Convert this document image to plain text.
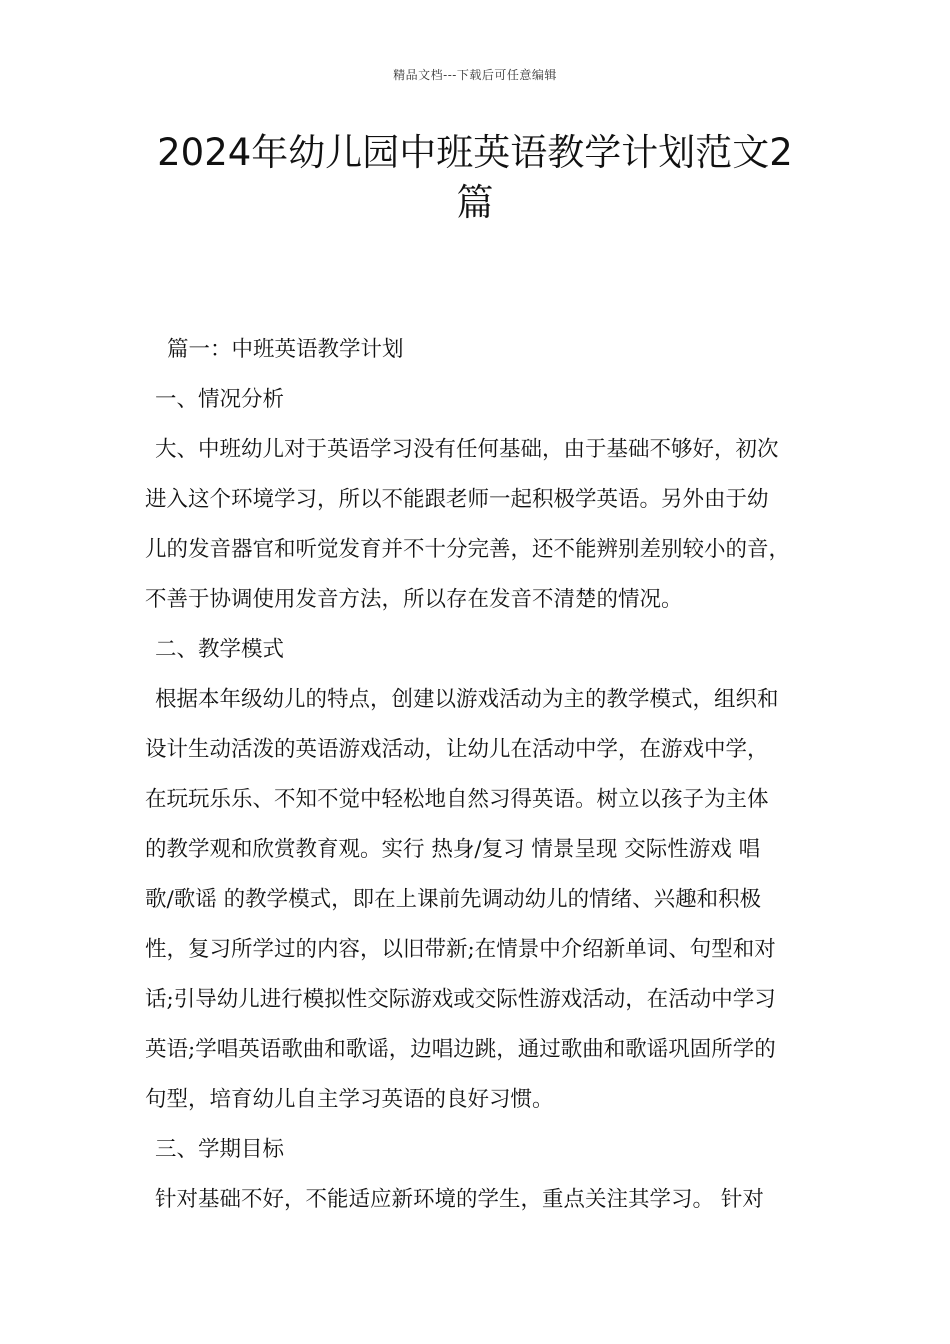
精品文档---下载后可任意编辑
2024年幼儿园中班英语教学计划范文2
篇
篇一：中班英语教学计划
一、情况分析
大、中班幼儿对于英语学习没有任何基础，由于基础不够好，初次
进入这个环境学习，所以不能跟老师一起积极学英语。另外由于幼
儿的发音器官和听觉发育并不十分完善，还不能辨别差别较小的音，
不善于协调使用发音方法，所以存在发音不清楚的情况。
二、教学模式
根据本年级幼儿的特点，创建以游戏活动为主的教学模式，组织和
设计生动活泼的英语游戏活动，让幼儿在活动中学，在游戏中学，
在玩玩乐乐、不知不觉中轻松地自然习得英语。树立以孩子为主体
的教学观和欣赏教育观。实行 热身/复习 情景呈现 交际性游戏 唱
歌/歌谣 的教学模式，即在上课前先调动幼儿的情绪、兴趣和积极
性，复习所学过的内容，以旧带新;在情景中介绍新单词、句型和对
话;引导幼儿进行模拟性交际游戏或交际性游戏活动，在活动中学习
英语;学唱英语歌曲和歌谣，边唱边跳，通过歌曲和歌谣巩固所学的
句型，培育幼儿自主学习英语的良好习惯。
三、学期目标
针对基础不好，不能适应新环境的学生，重点关注其学习。 针对
